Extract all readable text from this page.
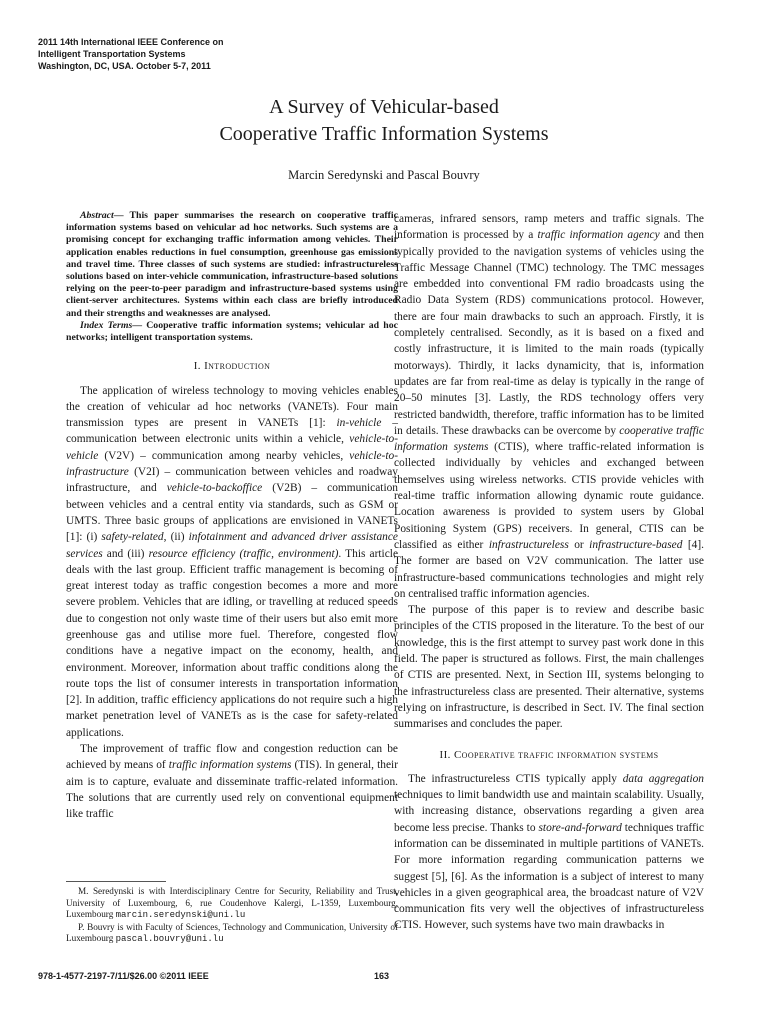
2011 14th International IEEE Conference on
Intelligent Transportation Systems
Washington, DC, USA. October 5-7, 2011
A Survey of Vehicular-based
Cooperative Traffic Information Systems
Marcin Seredynski and Pascal Bouvry

Abstract— This paper summarises the research on cooperative traffic information systems based on vehicular ad hoc networks. Such systems are a promising concept for exchanging traffic information among vehicles. Their application enables reductions in fuel consumption, greenhouse gas emissions and travel time. Three classes of such systems are studied: infrastructureless solutions based on inter-vehicle communication, infrastructure-based solutions relying on the peer-to-peer paradigm and infrastructure-based systems using client-server architectures. Systems within each class are briefly introduced and their strengths and weaknesses are analysed.

Index Terms— Cooperative traffic information systems; vehicular ad hoc networks; intelligent transportation systems.

I. Introduction

The application of wireless technology to moving vehicles enables the creation of vehicular ad hoc networks (VANETs). Four main transmission types are present in VANETs [1]: in-vehicle – communication between electronic units within a vehicle, vehicle-to-vehicle (V2V) – communication among nearby vehicles, vehicle-to-infrastructure (V2I) – communication between vehicles and roadway infrastructure, and vehicle-to-backoffice (V2B) – communication between vehicles and a central entity via standards, such as GSM or UMTS. Three basic groups of applications are envisioned in VANETs [1]: (i) safety-related, (ii) infotainment and advanced driver assistance services and (iii) resource efficiency (traffic, environment). This article deals with the last group. Efficient traffic management is becoming of great interest today as traffic congestion becomes a more and more severe problem. Vehicles that are idling, or travelling at reduced speeds due to congestion not only waste time of their users but also emit more greenhouse gas and utilise more fuel. Therefore, congested flow conditions have a negative impact on the economy, health, and environment. Moreover, information about traffic conditions along the route tops the list of consumer interests in transportation information [2]. In addition, traffic efficiency applications do not require such a high market penetration level of VANETs as is the case for safety-related applications.

The improvement of traffic flow and congestion reduction can be achieved by means of traffic information systems (TIS). In general, their aim is to capture, evaluate and disseminate traffic-related information. The solutions that are currently used rely on conventional equipment like traffic

M. Seredynski is with Interdisciplinary Centre for Security, Reliability and Trust, University of Luxembourg, 6, rue Coudenhove Kalergi, L-1359, Luxembourg, Luxembourg marcin.seredynski@uni.lu

P. Bouvry is with Faculty of Sciences, Technology and Communication, University of Luxembourg pascal.bouvry@uni.lu

cameras, infrared sensors, ramp meters and traffic signals. The information is processed by a traffic information agency and then typically provided to the navigation systems of vehicles using the Traffic Message Channel (TMC) technology. The TMC messages are embedded into conventional FM radio broadcasts using the Radio Data System (RDS) communications protocol. However, there are four main drawbacks to such an approach. Firstly, it is completely centralised. Secondly, as it is based on a fixed and costly infrastructure, it is limited to the main roads (typically motorways). Thirdly, it lacks dynamicity, that is, information updates are far from real-time as delay is typically in the range of 20–50 minutes [3]. Lastly, the RDS technology offers very restricted bandwidth, therefore, traffic information has to be limited in details. These drawbacks can be overcome by cooperative traffic information systems (CTIS), where traffic-related information is collected individually by vehicles and exchanged between themselves using wireless networks. CTIS provide vehicles with real-time traffic information allowing dynamic route guidance. Location awareness is provided to system users by Global Positioning System (GPS) receivers. In general, CTIS can be classified as either infrastructureless or infrastructure-based [4]. The former are based on V2V communication. The latter use infrastructure-based communications technologies and might rely on centralised traffic information agencies.

The purpose of this paper is to review and describe basic principles of the CTIS proposed in the literature. To the best of our knowledge, this is the first attempt to survey past work done in this field. The paper is structured as follows. First, the main challenges of CTIS are presented. Next, in Section III, systems belonging to the infrastructureless class are presented. Their alternative, systems relying on infrastructure, is described in Sect. IV. The final section summarises and concludes the paper.

II. Cooperative traffic information systems

The infrastructureless CTIS typically apply data aggregation techniques to limit bandwidth use and maintain scalability. Usually, with increasing distance, observations regarding a given area become less precise. Thanks to store-and-forward techniques traffic information can be disseminated in multiple partitions of VANETs. For more information regarding communication patterns we suggest [5], [6]. As the information is a subject of interest to many vehicles in a given geographical area, the broadcast nature of V2V communication fits very well the objectives of infrastructureless CTIS. However, such systems have two main drawbacks in

978-1-4577-2197-7/11/$26.00 ©2011 IEEE	163
